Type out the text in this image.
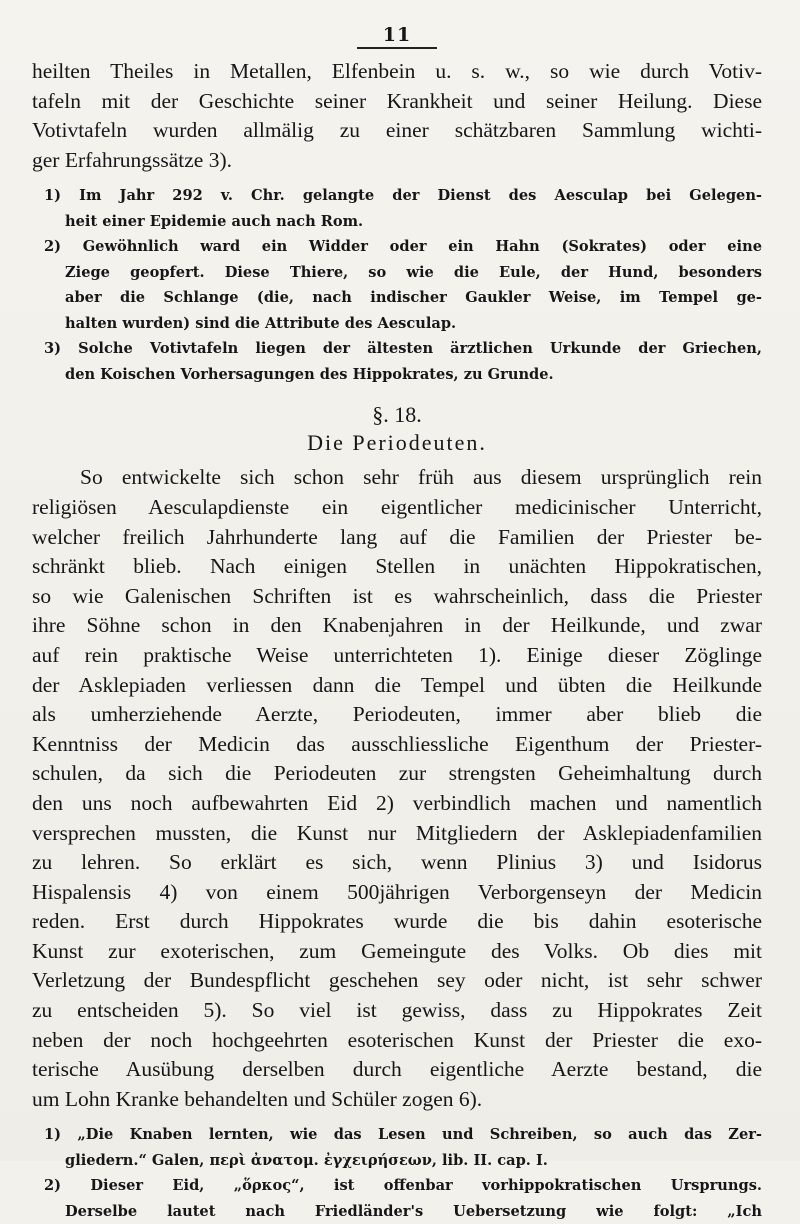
11
heilten Theiles in Metallen, Elfenbein u. s. w., so wie durch Votiv-
tafeln mit der Geschichte seiner Krankheit und seiner Heilung. Diese
Votivtafeln wurden allmälig zu einer schätzbaren Sammlung wichti-
ger Erfahrungssätze 3).
1) Im Jahr 292 v. Chr. gelangte der Dienst des Aesculap bei Gelegen-
heit einer Epidemie auch nach Rom.
2) Gewöhnlich ward ein Widder oder ein Hahn (Sokrates) oder eine
Ziege geopfert. Diese Thiere, so wie die Eule, der Hund, besonders
aber die Schlange (die, nach indischer Gaukler Weise, im Tempel ge-
halten wurden) sind die Attribute des Aesculap.
3) Solche Votivtafeln liegen der ältesten ärztlichen Urkunde der Griechen,
den Koischen Vorhersagungen des Hippokrates, zu Grunde.
§. 18.
Die Periodeuten.
So entwickelte sich schon sehr früh aus diesem ursprünglich rein
religiösen Aesculapdienste ein eigentlicher medicinischer Unterricht,
welcher freilich Jahrhunderte lang auf die Familien der Priester be-
schränkt blieb. Nach einigen Stellen in unächten Hippokratischen,
so wie Galenischen Schriften ist es wahrscheinlich, dass die Priester
ihre Söhne schon in den Knabenjahren in der Heilkunde, und zwar
auf rein praktische Weise unterrichteten 1). Einige dieser Zöglinge
der Asklepiaden verliessen dann die Tempel und übten die Heilkunde
als umherziehende Aerzte, Periodeuten, immer aber blieb die
Kenntniss der Medicin das ausschliessliche Eigenthum der Priester-
schulen, da sich die Periodeuten zur strengsten Geheimhaltung durch
den uns noch aufbewahrten Eid 2) verbindlich machen und namentlich
versprechen mussten, die Kunst nur Mitgliedern der Asklepiadenfamilien
zu lehren. So erklärt es sich, wenn Plinius 3) und Isidorus
Hispalensis 4) von einem 500jährigen Verborgenseyn der Medicin
reden. Erst durch Hippokrates wurde die bis dahin esoterische
Kunst zur exoterischen, zum Gemeingute des Volks. Ob dies mit
Verletzung der Bundespflicht geschehen sey oder nicht, ist sehr schwer
zu entscheiden 5). So viel ist gewiss, dass zu Hippokrates Zeit
neben der noch hochgeehrten esoterischen Kunst der Priester die exo-
terische Ausübung derselben durch eigentliche Aerzte bestand, die
um Lohn Kranke behandelten und Schüler zogen 6).
1) „Die Knaben lernten, wie das Lesen und Schreiben, so auch das Zer-
gliedern.“ Galen, περὶ ἀνατομ. ἐγχειρήσεων, lib. II. cap. I.
2) Dieser Eid, „ὅρκος“, ist offenbar vorhippokratischen Ursprungs.
Derselbe lautet nach Friedländer's Uebersetzung wie folgt: „Ich
